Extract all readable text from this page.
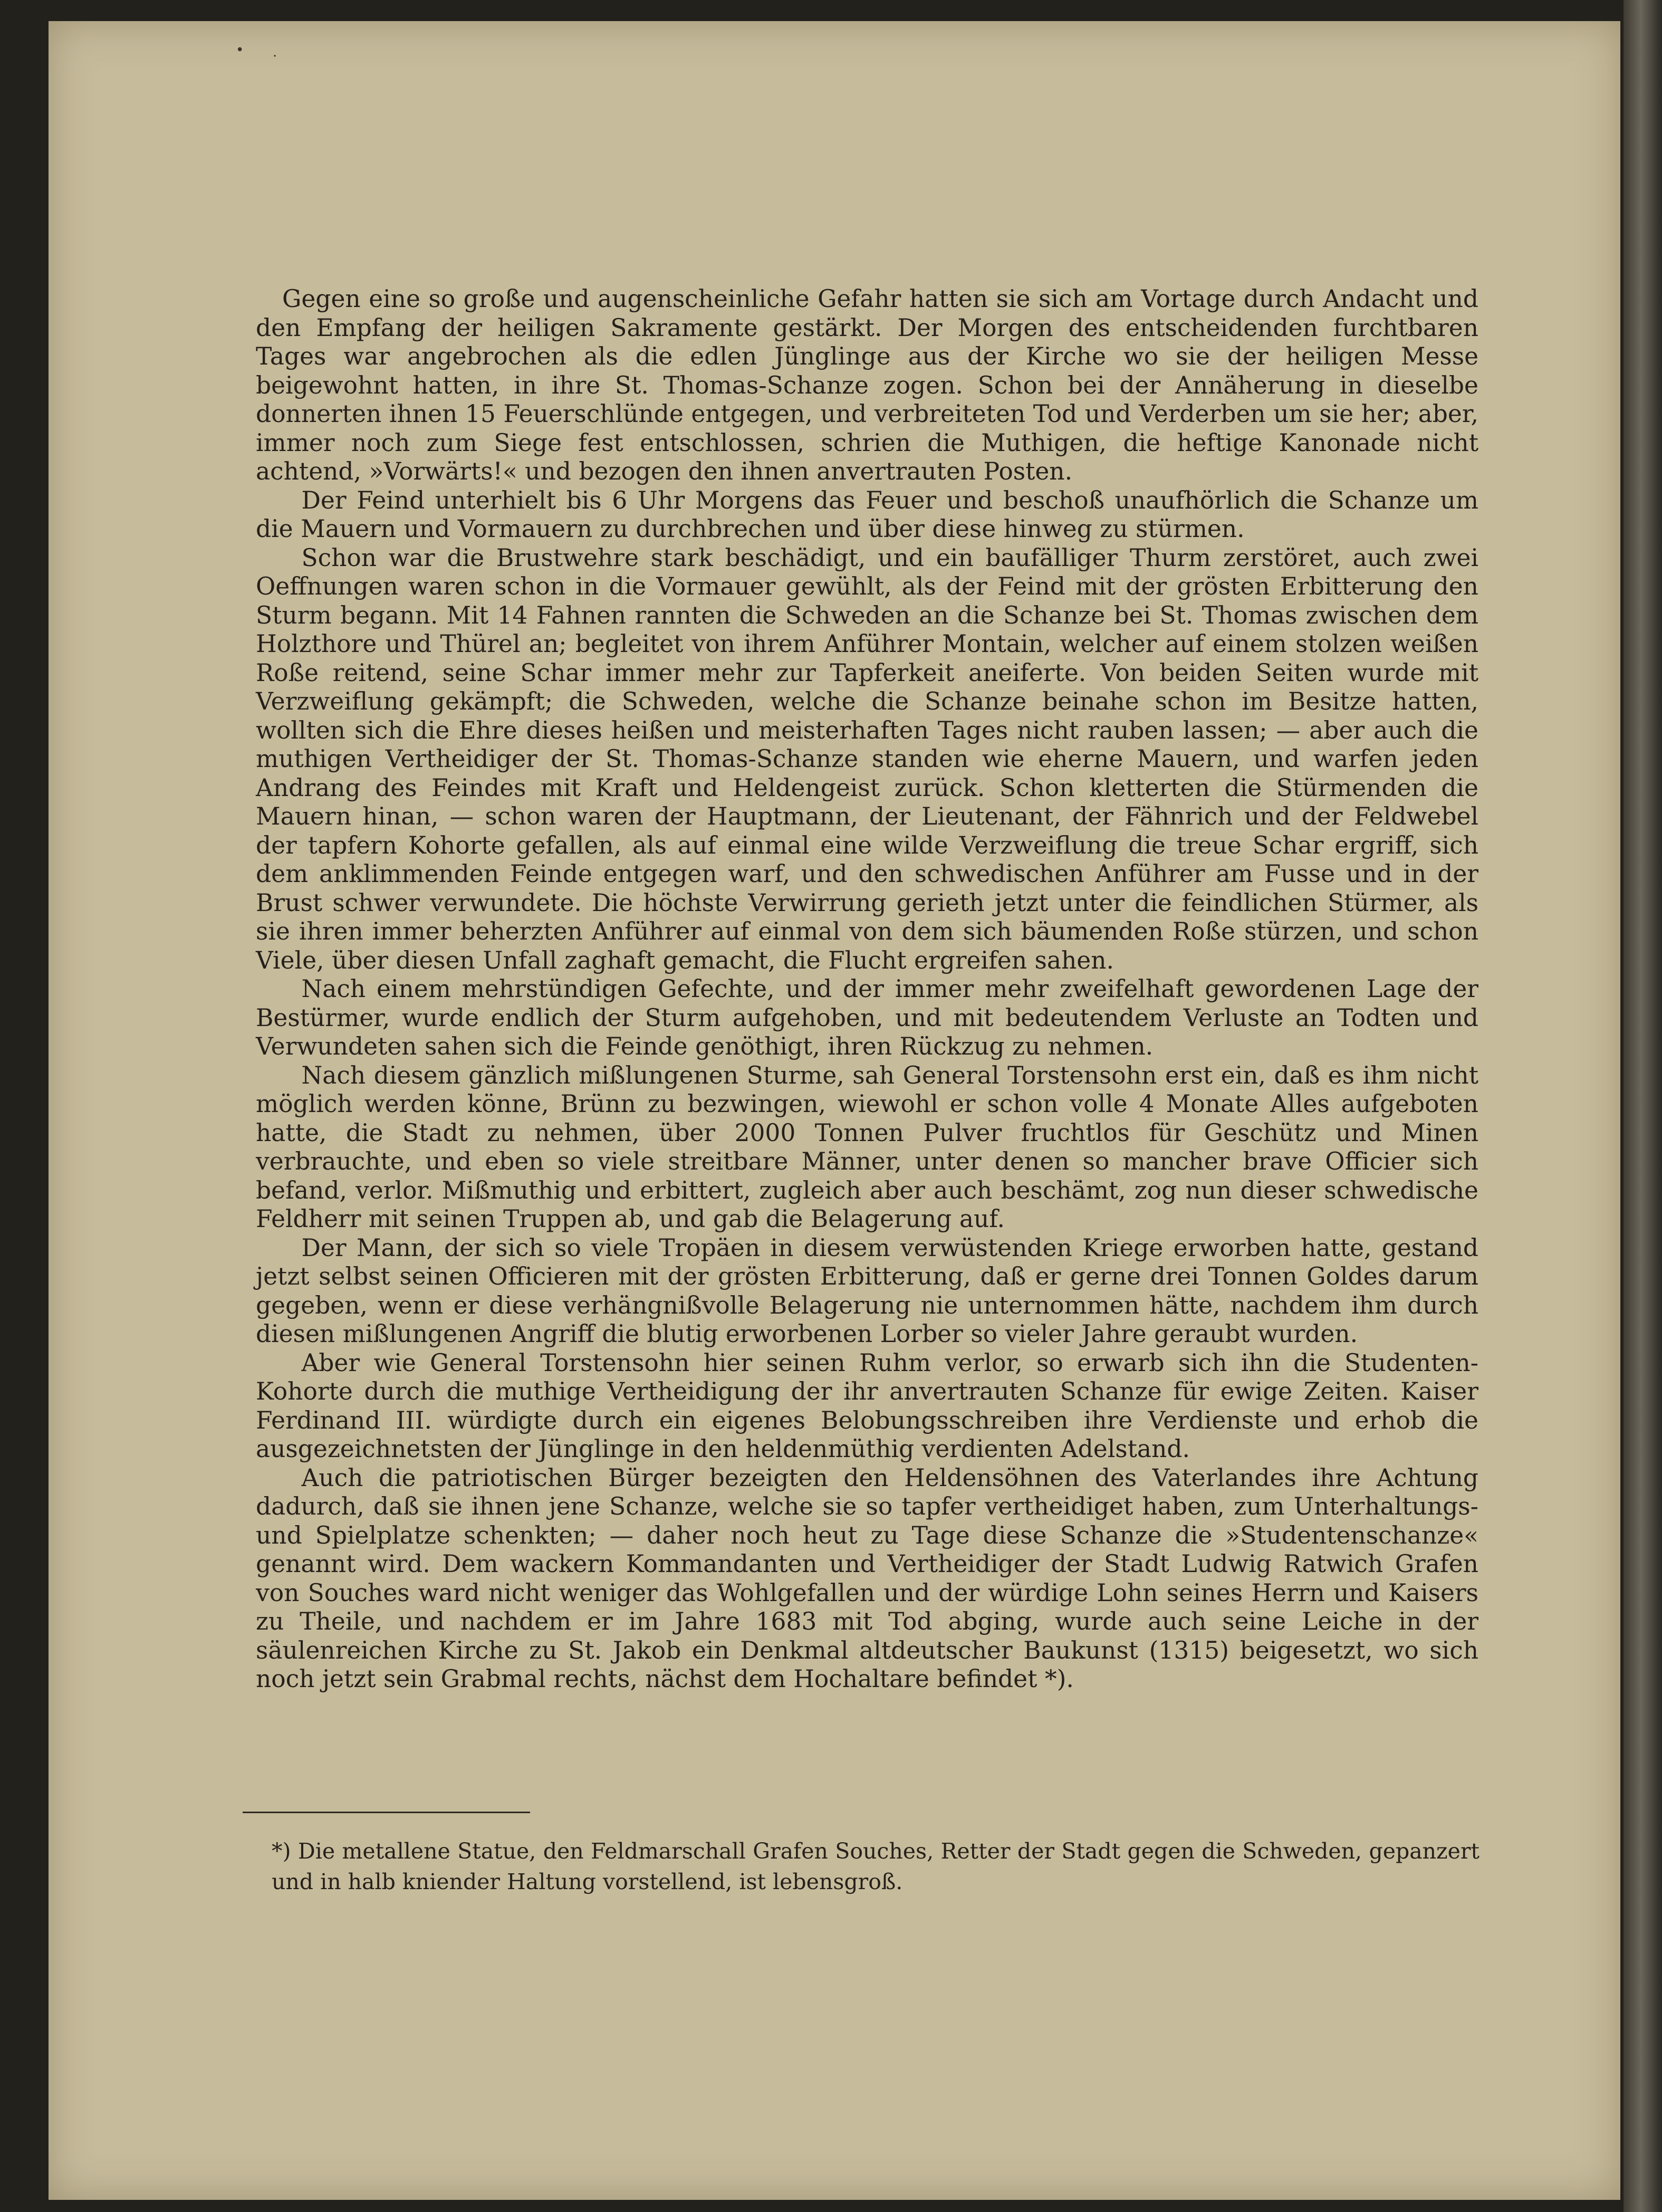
• ·

Gegen eine so große und augenscheinliche Gefahr hatten sie sich am Vortage durch Andacht und den Empfang der heiligen Sakramente gestärkt. Der Morgen des entscheidenden furchtbaren Tages war angebrochen als die edlen Jünglinge aus der Kirche wo sie der heiligen Messe beigewohnt hatten, in ihre St. Thomas-Schanze zogen. Schon bei der Annäherung in dieselbe donnerten ihnen 15 Feuerschlünde entgegen, und verbreiteten Tod und Verderben um sie her; aber, immer noch zum Siege fest entschlossen, schrien die Muthigen, die heftige Kanonade nicht achtend, »Vorwärts!« und bezogen den ihnen anvertrauten Posten.

Der Feind unterhielt bis 6 Uhr Morgens das Feuer und beschoß unaufhörlich die Schanze um die Mauern und Vormauern zu durchbrechen und über diese hinweg zu stürmen.

Schon war die Brustwehre stark beschädigt, und ein baufälliger Thurm zerstöret, auch zwei Oeffnungen waren schon in die Vormauer gewühlt, als der Feind mit der grösten Erbitterung den Sturm begann. Mit 14 Fahnen rannten die Schweden an die Schanze bei St. Thomas zwischen dem Holzthore und Thürel an; begleitet von ihrem Anführer Montain, welcher auf einem stolzen weißen Roße reitend, seine Schar immer mehr zur Tapferkeit aneiferte. Von beiden Seiten wurde mit Verzweiflung gekämpft; die Schweden, welche die Schanze beinahe schon im Besitze hatten, wollten sich die Ehre dieses heißen und meisterhaften Tages nicht rauben lassen; — aber auch die muthigen Vertheidiger der St. Thomas-Schanze standen wie eherne Mauern, und warfen jeden Andrang des Feindes mit Kraft und Heldengeist zurück. Schon kletterten die Stürmenden die Mauern hinan, — schon waren der Hauptmann, der Lieutenant, der Fähnrich und der Feldwebel der tapfern Kohorte gefallen, als auf einmal eine wilde Verzweiflung die treue Schar ergriff, sich dem anklimmenden Feinde entgegen warf, und den schwedischen Anführer am Fusse und in der Brust schwer verwundete. Die höchste Verwirrung gerieth jetzt unter die feindlichen Stürmer, als sie ihren immer beherzten Anführer auf einmal von dem sich bäumenden Roße stürzen, und schon Viele, über diesen Unfall zaghaft gemacht, die Flucht ergreifen sahen.

Nach einem mehrstündigen Gefechte, und der immer mehr zweifelhaft gewordenen Lage der Bestürmer, wurde endlich der Sturm aufgehoben, und mit bedeutendem Verluste an Todten und Verwundeten sahen sich die Feinde genöthigt, ihren Rückzug zu nehmen.

Nach diesem gänzlich mißlungenen Sturme, sah General Torstensohn erst ein, daß es ihm nicht möglich werden könne, Brünn zu bezwingen, wiewohl er schon volle 4 Monate Alles aufgeboten hatte, die Stadt zu nehmen, über 2000 Tonnen Pulver fruchtlos für Geschütz und Minen verbrauchte, und eben so viele streitbare Männer, unter denen so mancher brave Officier sich befand, verlor. Mißmuthig und erbittert, zugleich aber auch beschämt, zog nun dieser schwedische Feldherr mit seinen Truppen ab, und gab die Belagerung auf.

Der Mann, der sich so viele Tropäen in diesem verwüstenden Kriege erworben hatte, gestand jetzt selbst seinen Officieren mit der grösten Erbitterung, daß er gerne drei Tonnen Goldes darum gegeben, wenn er diese verhängnißvolle Belagerung nie unternommen hätte, nachdem ihm durch diesen mißlungenen Angriff die blutig erworbenen Lorber so vieler Jahre geraubt wurden.

Aber wie General Torstensohn hier seinen Ruhm verlor, so erwarb sich ihn die Studenten-Kohorte durch die muthige Vertheidigung der ihr anvertrauten Schanze für ewige Zeiten. Kaiser Ferdinand III. würdigte durch ein eigenes Belobungsschreiben ihre Verdienste und erhob die ausgezeichnetsten der Jünglinge in den heldenmüthig verdienten Adelstand.

Auch die patriotischen Bürger bezeigten den Heldensöhnen des Vaterlandes ihre Achtung dadurch, daß sie ihnen jene Schanze, welche sie so tapfer vertheidiget haben, zum Unterhaltungs- und Spielplatze schenkten; — daher noch heut zu Tage diese Schanze die »Studentenschanze« genannt wird. Dem wackern Kommandanten und Vertheidiger der Stadt Ludwig Ratwich Grafen von Souches ward nicht weniger das Wohlgefallen und der würdige Lohn seines Herrn und Kaisers zu Theile, und nachdem er im Jahre 1683 mit Tod abging, wurde auch seine Leiche in der säulenreichen Kirche zu St. Jakob ein Denkmal altdeutscher Baukunst (1315) beigesetzt, wo sich noch jetzt sein Grabmal rechts, nächst dem Hochaltare befindet *).

*) Die metallene Statue, den Feldmarschall Grafen Souches, Retter der Stadt gegen die Schweden, gepanzert und in halb kniender Haltung vorstellend, ist lebensgroß.
